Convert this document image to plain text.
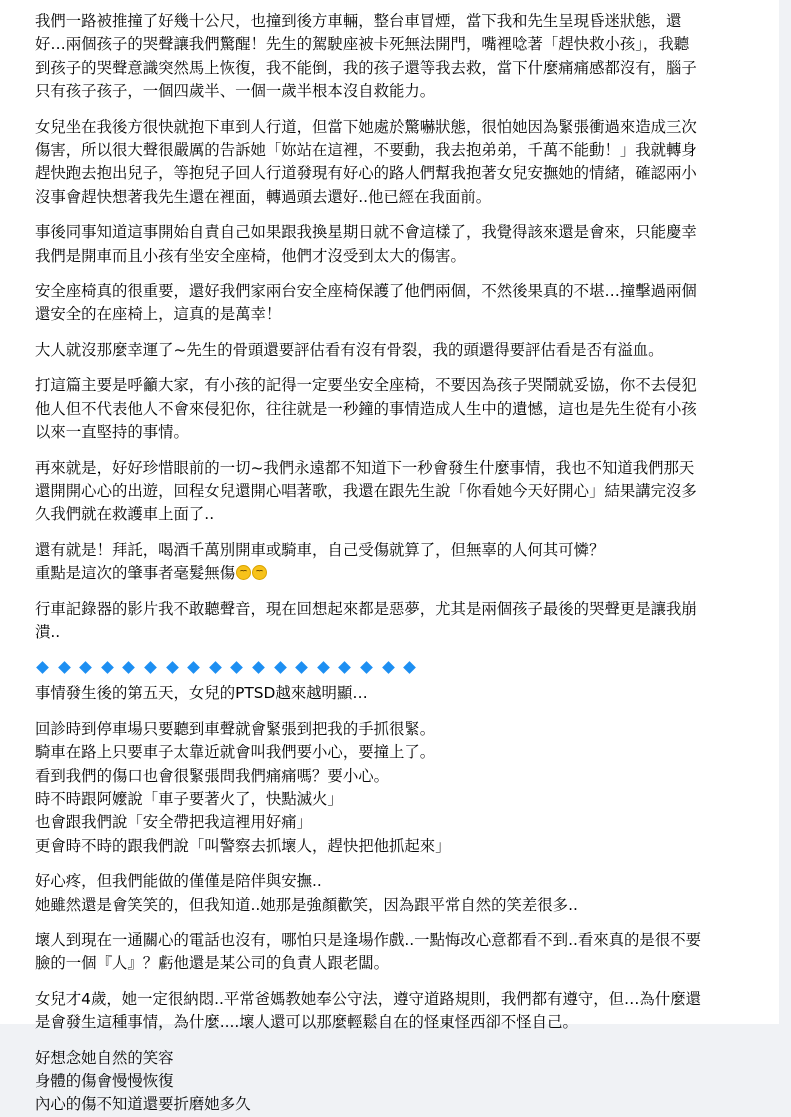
我們一路被推撞了好幾十公尺，也撞到後方車輛，整台車冒煙，當下我和先生呈現昏迷狀態，還
好…兩個孩子的哭聲讓我們驚醒！先生的駕駛座被卡死無法開門，嘴裡唸著「趕快救小孩」，我聽
到孩子的哭聲意識突然馬上恢復，我不能倒，我的孩子還等我去救，當下什麼痛痛感都沒有，腦子
只有孩子孩子，一個四歲半、一個一歲半根本沒自救能力。
女兒坐在我後方很快就抱下車到人行道，但當下她處於驚嚇狀態，很怕她因為緊張衝過來造成三次
傷害，所以很大聲很嚴厲的告訴她「妳站在這裡，不要動，我去抱弟弟，千萬不能動！」我就轉身
趕快跑去抱出兒子，等抱兒子回人行道發現有好心的路人們幫我抱著女兒安撫她的情緒，確認兩小
沒事會趕快想著我先生還在裡面，轉過頭去還好..他已經在我面前。
事後同事知道這事開始自責自己如果跟我換星期日就不會這樣了，我覺得該來還是會來，只能慶幸
我們是開車而且小孩有坐安全座椅，他們才沒受到太大的傷害。
安全座椅真的很重要，還好我們家兩台安全座椅保護了他們兩個，不然後果真的不堪…撞擊過兩個
還安全的在座椅上，這真的是萬幸！
大人就沒那麼幸運了~先生的骨頭還要評估看有沒有骨裂，我的頭還得要評估看是否有溢血。
打這篇主要是呼籲大家，有小孩的記得一定要坐安全座椅，不要因為孩子哭鬧就妥協，你不去侵犯
他人但不代表他人不會來侵犯你，往往就是一秒鐘的事情造成人生中的遺憾，這也是先生從有小孩
以來一直堅持的事情。
再來就是，好好珍惜眼前的一切~我們永遠都不知道下一秒會發生什麼事情，我也不知道我們那天
還開開心心的出遊，回程女兒還開心唱著歌，我還在跟先生說「你看她今天好開心」結果講完沒多
久我們就在救護車上面了..
還有就是！拜託，喝酒千萬別開車或騎車，自己受傷就算了，但無辜的人何其可憐？
重點是這次的肇事者毫髮無傷
行車記錄器的影片我不敢聽聲音，現在回想起來都是惡夢，尤其是兩個孩子最後的哭聲更是讓我崩
潰..
事情發生後的第五天，女兒的PTSD越來越明顯…
回診時到停車場只要聽到車聲就會緊張到把我的手抓很緊。
騎車在路上只要車子太靠近就會叫我們要小心，要撞上了。
看到我們的傷口也會很緊張問我們痛痛嗎？要小心。
時不時跟阿嬤說「車子要著火了，快點滅火」
也會跟我們說「安全帶把我這裡用好痛」
更會時不時的跟我們說「叫警察去抓壞人，趕快把他抓起來」
好心疼，但我們能做的僅僅是陪伴與安撫..
她雖然還是會笑笑的，但我知道..她那是強顏歡笑，因為跟平常自然的笑差很多..
壞人到現在一通關心的電話也沒有，哪怕只是逢場作戲..一點悔改心意都看不到..看來真的是很不要
臉的一個『人』？虧他還是某公司的負責人跟老闆。
女兒才4歲，她一定很納悶..平常爸媽教她奉公守法，遵守道路規則，我們都有遵守，但…為什麼還
是會發生這種事情，為什麼....壞人還可以那麼輕鬆自在的怪東怪西卻不怪自己。
好想念她自然的笑容
身體的傷會慢慢恢復
內心的傷不知道還要折磨她多久
